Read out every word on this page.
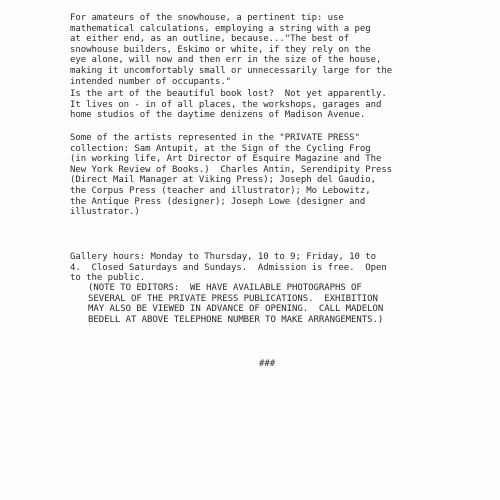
For amateurs of the snowhouse, a pertinent tip: use
mathematical calculations, employing a string with a peg
at either end, as an outline, because..."The best of
snowhouse builders, Eskimo or white, if they rely on the
eye alone, will now and then err in the size of the house,
making it uncomfortably small or unnecessarily large for the
intended number of occupants."

Is the art of the beautiful book lost?  Not yet apparently.
It lives on - in of all places, the workshops, garages and
home studios of the daytime denizens of Madison Avenue.

Some of the artists represented in the "PRIVATE PRESS"
collection: Sam Antupit, at the Sign of the Cycling Frog
(in working life, Art Director of Esquire Magazine and The
New York Review of Books.)  Charles Antin, Serendipity Press
(Direct Mail Manager at Viking Press); Joseph del Gaudio,
the Corpus Press (teacher and illustrator); Mo Lebowitz,
the Antique Press (designer); Joseph Lowe (designer and
illustrator.)

Gallery hours: Monday to Thursday, 10 to 9; Friday, 10 to
4.  Closed Saturdays and Sundays.  Admission is free.  Open
to the public.

(NOTE TO EDITORS:  WE HAVE AVAILABLE PHOTOGRAPHS OF
SEVERAL OF THE PRIVATE PRESS PUBLICATIONS.  EXHIBITION
MAY ALSO BE VIEWED IN ADVANCE OF OPENING.  CALL MADELON
BEDELL AT ABOVE TELEPHONE NUMBER TO MAKE ARRANGEMENTS.)

###
